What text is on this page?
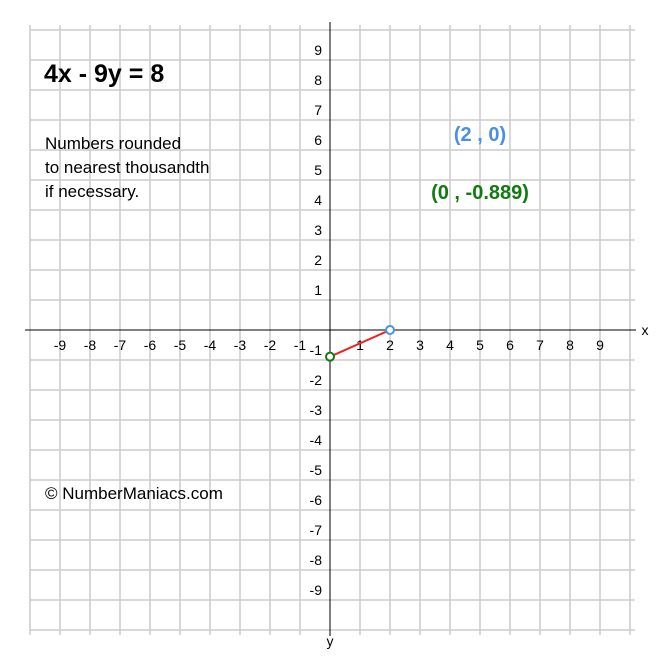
x
y
-9 -8 -7 -6 -5 -4 -3 -2 -1	1 2 3 4 5 6 7 8 9
9
8
7
6
5
4
3
2
1
-1
-2
-3
-4
-5
-6
-7
-8
-9
4x - 9y = 8
Numbers rounded
to nearest thousandth
if necessary.
© NumberManiacs.com
(2 , 0)
(0 , -0.889)
